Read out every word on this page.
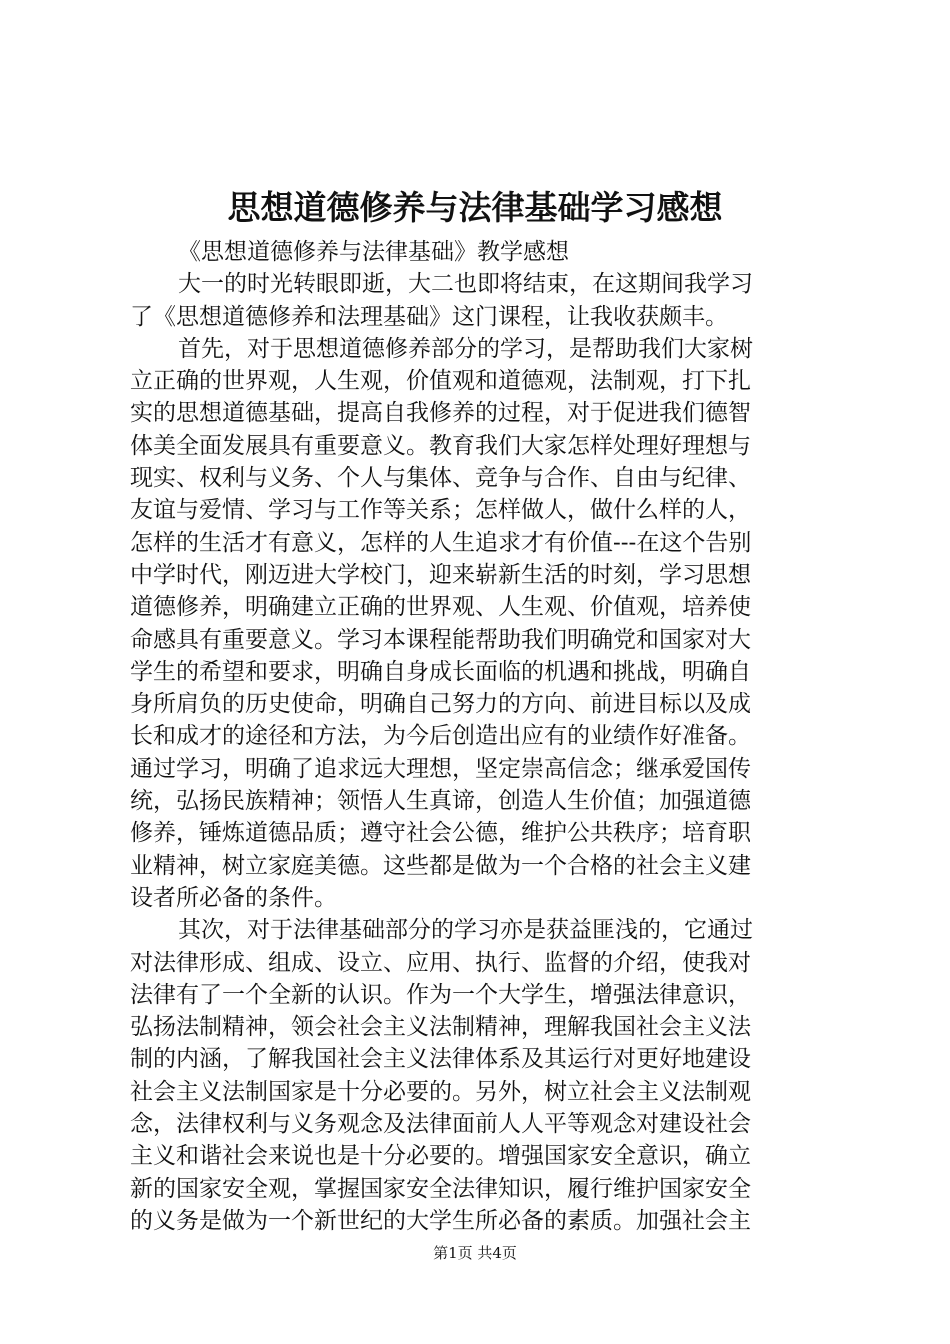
思想道德修养与法律基础学习感想
《思想道德修养与法律基础》教学感想
大一的时光转眼即逝，大二也即将结束，在这期间我学习
了《思想道德修养和法理基础》这门课程，让我收获颇丰。
首先，对于思想道德修养部分的学习，是帮助我们大家树
立正确的世界观，人生观，价值观和道德观，法制观，打下扎
实的思想道德基础，提高自我修养的过程，对于促进我们德智
体美全面发展具有重要意义。教育我们大家怎样处理好理想与
现实、权利与义务、个人与集体、竞争与合作、自由与纪律、
友谊与爱情、学习与工作等关系；怎样做人，做什么样的人，
怎样的生活才有意义，怎样的人生追求才有价值---在这个告别
中学时代，刚迈进大学校门，迎来崭新生活的时刻，学习思想
道德修养，明确建立正确的世界观、人生观、价值观，培养使
命感具有重要意义。学习本课程能帮助我们明确党和国家对大
学生的希望和要求，明确自身成长面临的机遇和挑战，明确自
身所肩负的历史使命，明确自己努力的方向、前进目标以及成
长和成才的途径和方法，为今后创造出应有的业绩作好准备。
通过学习，明确了追求远大理想，坚定崇高信念；继承爱国传
统，弘扬民族精神；领悟人生真谛，创造人生价值；加强道德
修养，锤炼道德品质；遵守社会公德，维护公共秩序；培育职
业精神，树立家庭美德。这些都是做为一个合格的社会主义建
设者所必备的条件。
其次，对于法律基础部分的学习亦是获益匪浅的，它通过
对法律形成、组成、设立、应用、执行、监督的介绍，使我对
法律有了一个全新的认识。作为一个大学生，增强法律意识，
弘扬法制精神，领会社会主义法制精神，理解我国社会主义法
制的内涵，了解我国社会主义法律体系及其运行对更好地建设
社会主义法制国家是十分必要的。另外，树立社会主义法制观
念，法律权利与义务观念及法律面前人人平等观念对建设社会
主义和谐社会来说也是十分必要的。增强国家安全意识，确立
新的国家安全观，掌握国家安全法律知识，履行维护国家安全
的义务是做为一个新世纪的大学生所必备的素质。加强社会主
第1页 共4页
